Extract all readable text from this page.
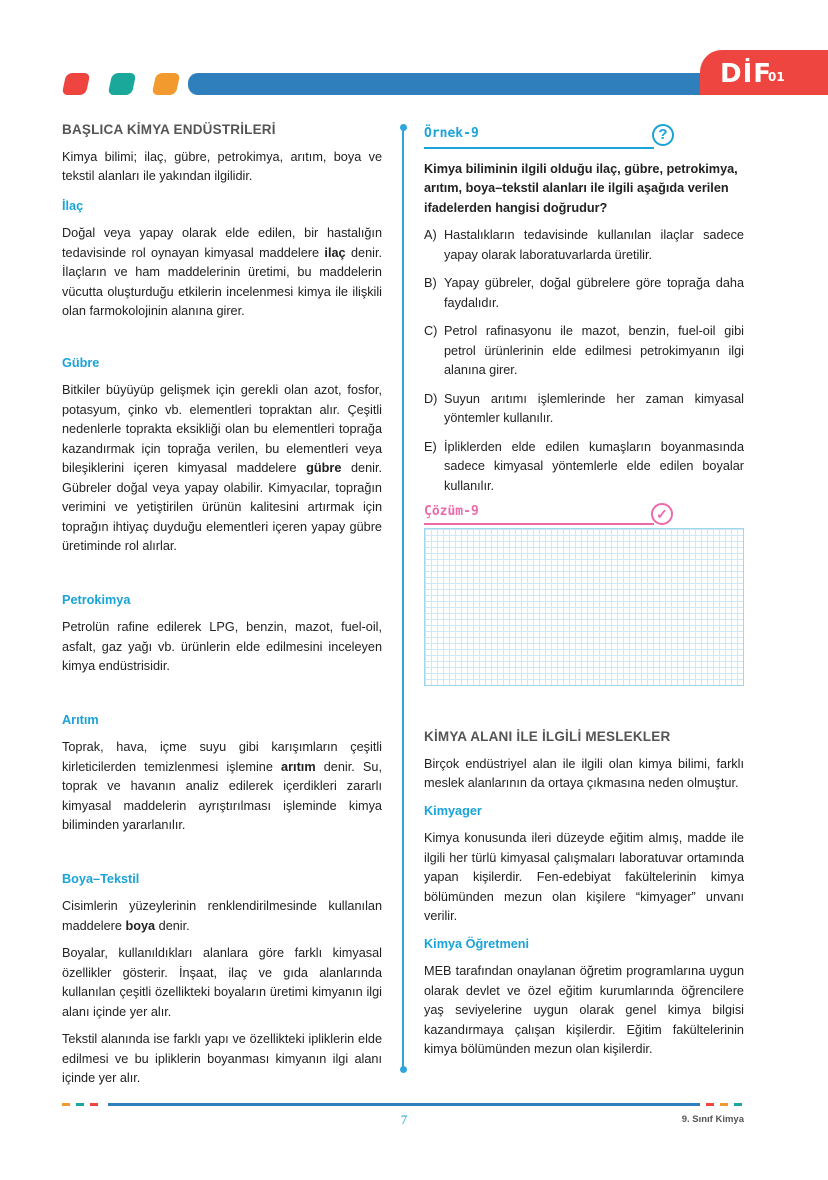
DİF
01
BAŞLICA KİMYA ENDÜSTRİLERİ

Kimya bilimi; ilaç, gübre, petrokimya, arıtım, boya ve tekstil alanları ile yakından ilgilidir.

İlaç

Doğal veya yapay olarak elde edilen, bir hastalığın tedavisinde rol oynayan kimyasal maddelere ilaç denir. İlaçların ve ham maddelerinin üretimi, bu maddelerin vücutta oluşturduğu etkilerin incelenmesi kimya ile ilişkili olan farmokolojinin alanına girer.

Gübre

Bitkiler büyüyüp gelişmek için gerekli olan azot, fosfor, potasyum, çinko vb. elementleri topraktan alır. Çeşitli nedenlerle toprakta eksikliği olan bu elementleri toprağa kazandırmak için toprağa verilen, bu elementleri veya bileşiklerini içeren kimyasal maddelere gübre denir. Gübreler doğal veya yapay olabilir. Kimyacılar, toprağın verimini ve yetiştirilen ürünün kalitesini artırmak için toprağın ihtiyaç duyduğu elementleri içeren yapay gübre üretiminde rol alırlar.

Petrokimya

Petrolün rafine edilerek LPG, benzin, mazot, fuel-oil, asfalt, gaz yağı vb. ürünlerin elde edilmesini inceleyen kimya endüstrisidir.

Arıtım

Toprak, hava, içme suyu gibi karışımların çeşitli kirleticilerden temizlenmesi işlemine arıtım denir. Su, toprak ve havanın analiz edilerek içerdikleri zararlı kimyasal maddelerin ayrıştırılması işleminde kimya biliminden yararlanılır.

Boya–Tekstil

Cisimlerin yüzeylerinin renklendirilmesinde kullanılan maddelere boya denir.

Boyalar, kullanıldıkları alanlara göre farklı kimyasal özellikler gösterir. İnşaat, ilaç ve gıda alanlarında kullanılan çeşitli özellikteki boyaların üretimi kimyanın ilgi alanı içinde yer alır.

Tekstil alanında ise farklı yapı ve özellikteki ipliklerin elde edilmesi ve bu ipliklerin boyanması kimyanın ilgi alanı içinde yer alır.

?
✓
Örnek-9

Kimya biliminin ilgili olduğu ilaç, gübre, petrokimya, arıtım, boya–tekstil alanları ile ilgili aşağıda verilen ifadelerden hangisi doğrudur?

A) Hastalıkların tedavisinde kullanılan ilaçlar sadece yapay olarak laboratuvarlarda üretilir.
B) Yapay gübreler, doğal gübrelere göre toprağa daha faydalıdır.
C) Petrol rafinasyonu ile mazot, benzin, fuel-oil gibi petrol ürünlerinin elde edilmesi petrokimyanın ilgi alanına girer.
D) Suyun arıtımı işlemlerinde her zaman kimyasal yöntemler kullanılır.
E) İpliklerden elde edilen kumaşların boyanmasında sadece kimyasal yöntemlerle elde edilen boyalar kullanılır.
Çözüm-9
KİMYA ALANI İLE İLGİLİ MESLEKLER

Birçok endüstriyel alan ile ilgili olan kimya bilimi, farklı meslek alanlarının da ortaya çıkmasına neden olmuştur.

Kimyager

Kimya konusunda ileri düzeyde eğitim almış, madde ile ilgili her türlü kimyasal çalışmaları laboratuvar ortamında yapan kişilerdir. Fen-edebiyat fakültelerinin kimya bölümünden mezun olan kişilere “kimyager” unvanı verilir.

Kimya Öğretmeni

MEB tarafından onaylanan öğretim programlarına uygun olarak devlet ve özel eğitim kurumlarında öğrencilere yaş seviyelerine uygun olarak genel kimya bilgisi kazandırmaya çalışan kişilerdir. Eğitim fakültelerinin kimya bölümünden mezun olan kişilerdir.

7	9. Sınıf Kimya
